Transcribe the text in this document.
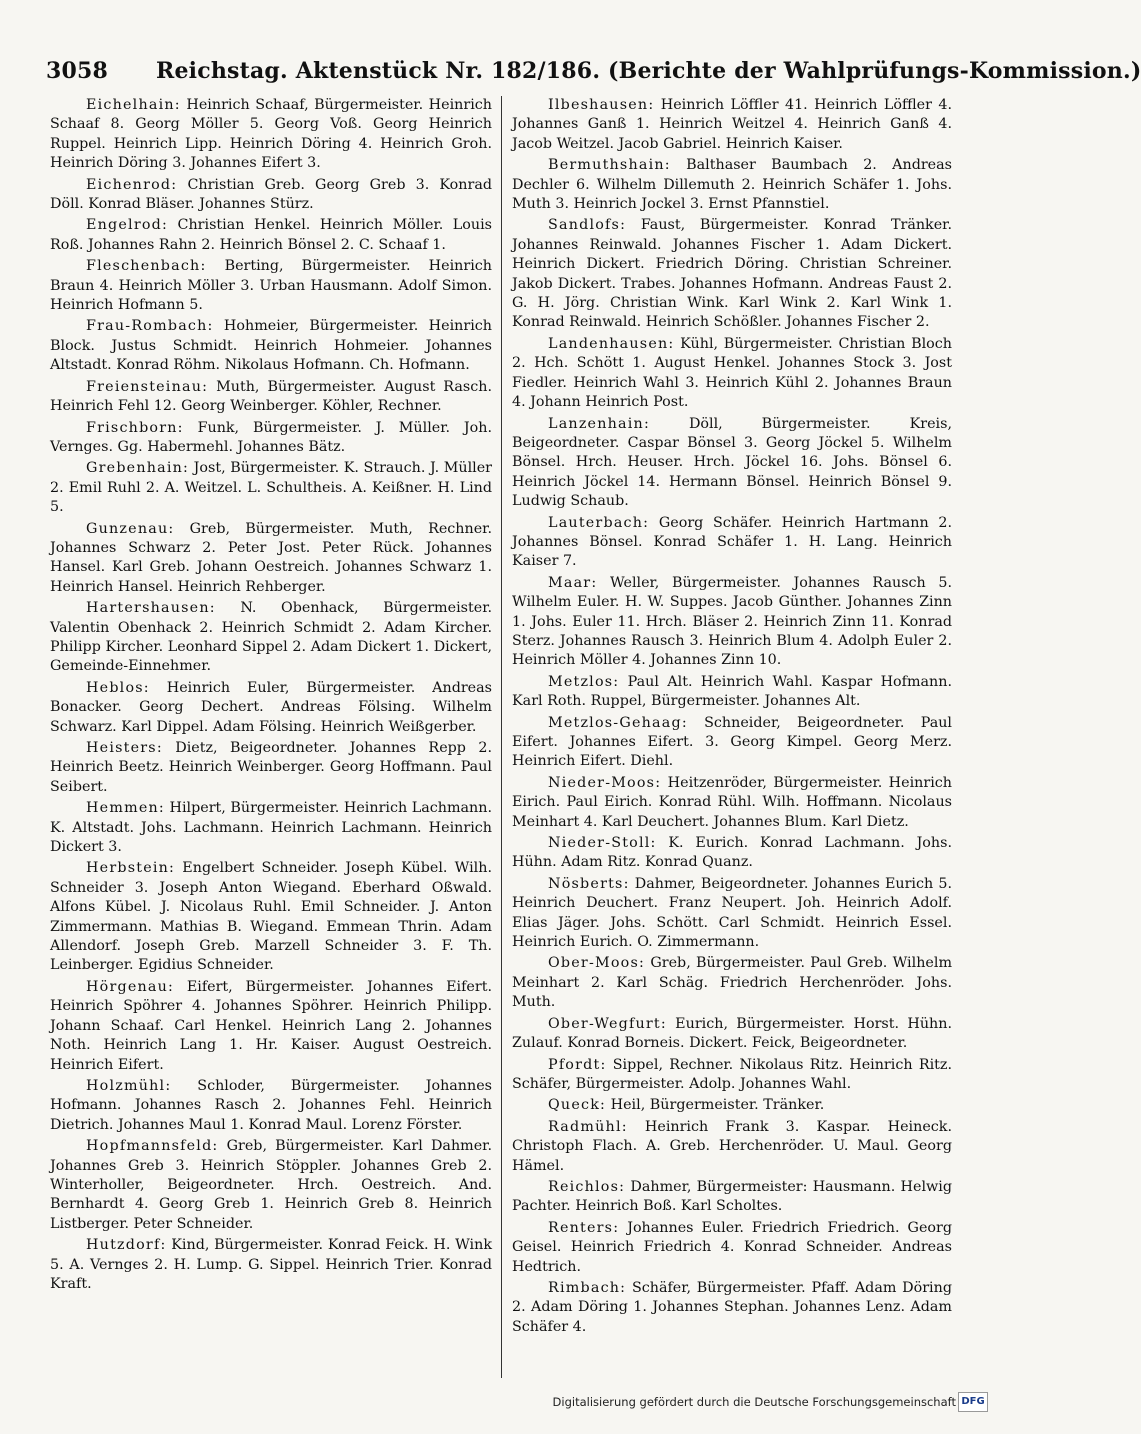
3058 Reichstag. Aktenstück Nr. 182/186. (Berichte der Wahlprüfungs-Kommission.)

Eichelhain: Heinrich Schaaf, Bürgermeister. Heinrich Schaaf 8. Georg Möller 5. Georg Voß. Georg Heinrich Ruppel. Heinrich Lipp. Heinrich Döring 4. Heinrich Groh. Heinrich Döring 3. Johannes Eifert 3.

Eichenrod: Christian Greb. Georg Greb 3. Konrad Döll. Konrad Bläser. Johannes Stürz.

Engelrod: Christian Henkel. Heinrich Möller. Louis Roß. Johannes Rahn 2. Heinrich Bönsel 2. C. Schaaf 1.

Fleschenbach: Berting, Bürgermeister. Heinrich Braun 4. Heinrich Möller 3. Urban Hausmann. Adolf Simon. Heinrich Hofmann 5.

Frau-Rombach: Hohmeier, Bürgermeister. Heinrich Block. Justus Schmidt. Heinrich Hohmeier. Johannes Altstadt. Konrad Röhm. Nikolaus Hofmann. Ch. Hofmann.

Freiensteinau: Muth, Bürgermeister. August Rasch. Heinrich Fehl 12. Georg Weinberger. Köhler, Rechner.

Frischborn: Funk, Bürgermeister. J. Müller. Joh. Vernges. Gg. Habermehl. Johannes Bätz.

Grebenhain: Jost, Bürgermeister. K. Strauch. J. Müller 2. Emil Ruhl 2. A. Weitzel. L. Schultheis. A. Keißner. H. Lind 5.

Gunzenau: Greb, Bürgermeister. Muth, Rechner. Johannes Schwarz 2. Peter Jost. Peter Rück. Johannes Hansel. Karl Greb. Johann Oestreich. Johannes Schwarz 1. Heinrich Hansel. Heinrich Rehberger.

Hartershausen: N. Obenhack, Bürgermeister. Valentin Obenhack 2. Heinrich Schmidt 2. Adam Kircher. Philipp Kircher. Leonhard Sippel 2. Adam Dickert 1. Dickert, Gemeinde-Einnehmer.

Heblos: Heinrich Euler, Bürgermeister. Andreas Bonacker. Georg Dechert. Andreas Fölsing. Wilhelm Schwarz. Karl Dippel. Adam Fölsing. Heinrich Weißgerber.

Heisters: Dietz, Beigeordneter. Johannes Repp 2. Heinrich Beetz. Heinrich Weinberger. Georg Hoffmann. Paul Seibert.

Hemmen: Hilpert, Bürgermeister. Heinrich Lachmann. K. Altstadt. Johs. Lachmann. Heinrich Lachmann. Heinrich Dickert 3.

Herbstein: Engelbert Schneider. Joseph Kübel. Wilh. Schneider 3. Joseph Anton Wiegand. Eberhard Oßwald. Alfons Kübel. J. Nicolaus Ruhl. Emil Schneider. J. Anton Zimmermann. Mathias B. Wiegand. Emmean Thrin. Adam Allendorf. Joseph Greb. Marzell Schneider 3. F. Th. Leinberger. Egidius Schneider.

Hörgenau: Eifert, Bürgermeister. Johannes Eifert. Heinrich Spöhrer 4. Johannes Spöhrer. Heinrich Philipp. Johann Schaaf. Carl Henkel. Heinrich Lang 2. Johannes Noth. Heinrich Lang 1. Hr. Kaiser. August Oestreich. Heinrich Eifert.

Holzmühl: Schloder, Bürgermeister. Johannes Hofmann. Johannes Rasch 2. Johannes Fehl. Heinrich Dietrich. Johannes Maul 1. Konrad Maul. Lorenz Förster.

Hopfmannsfeld: Greb, Bürgermeister. Karl Dahmer. Johannes Greb 3. Heinrich Stöppler. Johannes Greb 2. Winterholler, Beigeordneter. Hrch. Oestreich. And. Bernhardt 4. Georg Greb 1. Heinrich Greb 8. Heinrich Listberger. Peter Schneider.

Hutzdorf: Kind, Bürgermeister. Konrad Feick. H. Wink 5. A. Vernges 2. H. Lump. G. Sippel. Heinrich Trier. Konrad Kraft.

Ilbeshausen: Heinrich Löffler 41. Heinrich Löffler 4. Johannes Ganß 1. Heinrich Weitzel 4. Heinrich Ganß 4. Jacob Weitzel. Jacob Gabriel. Heinrich Kaiser.

Bermuthshain: Balthaser Baumbach 2. Andreas Dechler 6. Wilhelm Dillemuth 2. Heinrich Schäfer 1. Johs. Muth 3. Heinrich Jockel 3. Ernst Pfannstiel.

Sandlofs: Faust, Bürgermeister. Konrad Tränker. Johannes Reinwald. Johannes Fischer 1. Adam Dickert. Heinrich Dickert. Friedrich Döring. Christian Schreiner. Jakob Dickert. Trabes. Johannes Hofmann. Andreas Faust 2. G. H. Jörg. Christian Wink. Karl Wink 2. Karl Wink 1. Konrad Reinwald. Heinrich Schößler. Johannes Fischer 2.

Landenhausen: Kühl, Bürgermeister. Christian Bloch 2. Hch. Schött 1. August Henkel. Johannes Stock 3. Jost Fiedler. Heinrich Wahl 3. Heinrich Kühl 2. Johannes Braun 4. Johann Heinrich Post.

Lanzenhain:	Döll, Bürgermeister. Kreis, Beigeordneter. Caspar Bönsel 3. Georg Jöckel 5. Wilhelm Bönsel. Hrch. Heuser. Hrch. Jöckel 16. Johs. Bönsel 6. Heinrich Jöckel 14. Hermann Bönsel. Heinrich Bönsel 9. Ludwig Schaub.

Lauterbach: Georg Schäfer. Heinrich Hartmann 2. Johannes Bönsel. Konrad Schäfer 1. H. Lang. Heinrich Kaiser 7.

Maar: Weller, Bürgermeister. Johannes Rausch 5. Wilhelm Euler. H. W. Suppes. Jacob Günther. Johannes Zinn 1. Johs. Euler 11. Hrch. Bläser 2. Heinrich Zinn 11. Konrad Sterz. Johannes Rausch 3. Heinrich Blum 4. Adolph Euler 2. Heinrich Möller 4. Johannes Zinn 10.

Metzlos: Paul Alt. Heinrich Wahl. Kaspar Hofmann. Karl Roth. Ruppel, Bürgermeister. Johannes Alt.

Metzlos-Gehaag: Schneider, Beigeordneter. Paul Eifert. Johannes Eifert. 3. Georg Kimpel. Georg Merz. Heinrich Eifert. Diehl.

Nieder-Moos: Heitzenröder, Bürgermeister. Heinrich Eirich. Paul Eirich. Konrad Rühl. Wilh. Hoffmann. Nicolaus Meinhart 4. Karl Deuchert. Johannes Blum. Karl Dietz.

Nieder-Stoll: K. Eurich. Konrad Lachmann. Johs. Hühn. Adam Ritz. Konrad Quanz.

Nösberts: Dahmer, Beigeordneter. Johannes Eurich 5. Heinrich Deuchert. Franz Neupert. Joh. Heinrich Adolf. Elias Jäger. Johs. Schött. Carl Schmidt. Heinrich Essel. Heinrich Eurich. O. Zimmermann.

Ober-Moos: Greb, Bürgermeister. Paul Greb. Wilhelm Meinhart 2. Karl Schäg. Friedrich Herchenröder. Johs. Muth.

Ober-Wegfurt: Eurich, Bürgermeister. Horst. Hühn. Zulauf. Konrad Borneis. Dickert. Feick, Beigeordneter.

Pfordt: Sippel, Rechner. Nikolaus Ritz. Heinrich Ritz. Schäfer, Bürgermeister. Adolp. Johannes Wahl.

Queck: Heil, Bürgermeister. Tränker.

Radmühl: Heinrich Frank 3. Kaspar. Heineck. Christoph Flach. A. Greb. Herchenröder. U. Maul. Georg Hämel.

Reichlos: Dahmer, Bürgermeister: Hausmann. Helwig Pachter. Heinrich Boß. Karl Scholtes.

Renters: Johannes Euler. Friedrich Friedrich. Georg Geisel. Heinrich Friedrich 4. Konrad Schneider. Andreas Hedtrich.

Rimbach: Schäfer, Bürgermeister. Pfaff. Adam Döring 2. Adam Döring 1. Johannes Stephan. Johannes Lenz. Adam Schäfer 4.

Digitalisierung gefördert durch die Deutsche Forschungsgemeinschaft DFG
